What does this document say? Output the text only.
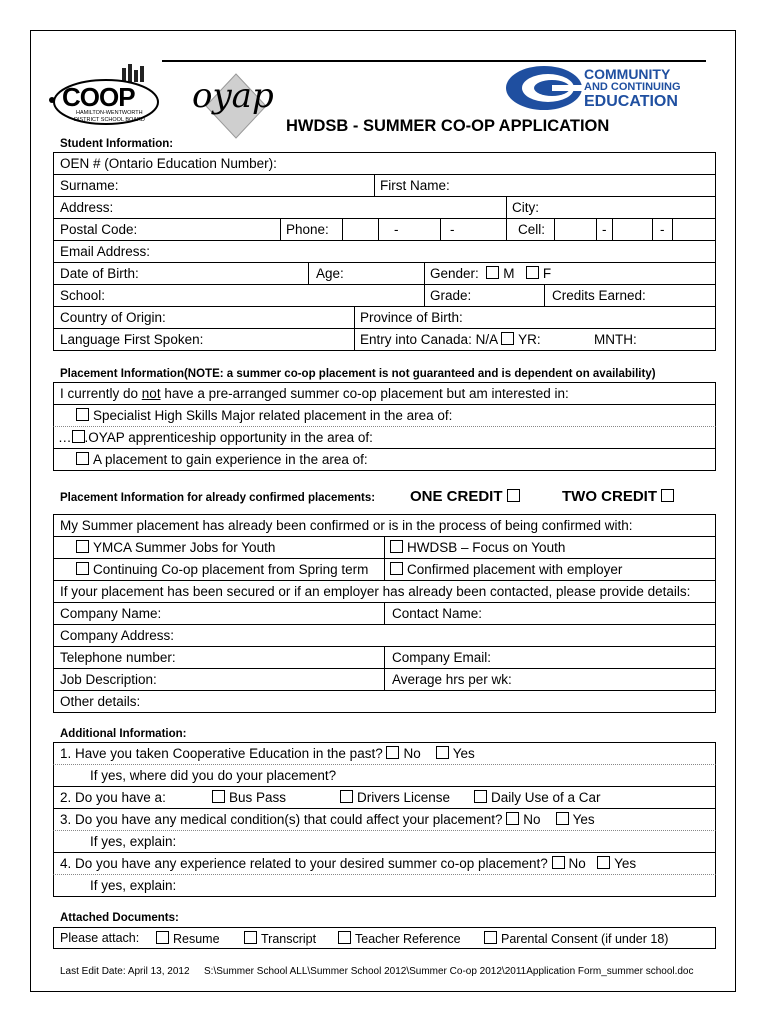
COOP
HAMILTON-WENTWORTH
DISTRICT SCHOOL BOARD
oyap
COMMUNITY
AND CONTINUING
EDUCATION
HWDSB - SUMMER CO-OP APPLICATION
Student Information:
OEN # (Ontario Education Number):
Surname:	First Name:
Address:	City:
Postal Code:	Phone:	-	-	Cell:	-	-
Email Address:
Date of Birth:	Age:	Gender: M F
School:	Grade:	Credits Earned:
Country of Origin:	Province of Birth:
Language First Spoken:	Entry into Canada: N/A YR:	MNTH:
Placement Information(NOTE: a summer co-op placement is not guaranteed and is dependent on availability)
I currently do not have a pre-arranged summer co-op placement but am interested in:
Specialist High Skills Major related placement in the area of:
… .OYAP apprenticeship opportunity in the area of:
A placement to gain experience in the area of:
Placement Information for already confirmed placements: ONE CREDIT	TWO CREDIT
My Summer placement has already been confirmed or is in the process of being confirmed with:
YMCA Summer Jobs for Youth	HWDSB – Focus on Youth
Continuing Co-op placement from Spring term	Confirmed placement with employer
If your placement has been secured or if an employer has already been contacted, please provide details:
Company Name:	Contact Name:
Company Address:
Telephone number:	Company Email:
Job Description:	Average hrs per wk:
Other details:
Additional Information:
1. Have you taken Cooperative Education in the past? No Yes
If yes, where did you do your placement?
2. Do you have a:	Bus Pass	Drivers License	Daily Use of a Car
3. Do you have any medical condition(s) that could affect your placement? No Yes
If yes, explain:
4. Do you have any experience related to your desired summer co-op placement? No Yes
If yes, explain:
Attached Documents:
Please attach:	Resume	Transcript	Teacher Reference	Parental Consent (if under 18)
Last Edit Date: April 13, 2012 S:\Summer School ALL\Summer School 2012\Summer Co-op 2012\2011Application Form_summer school.doc
